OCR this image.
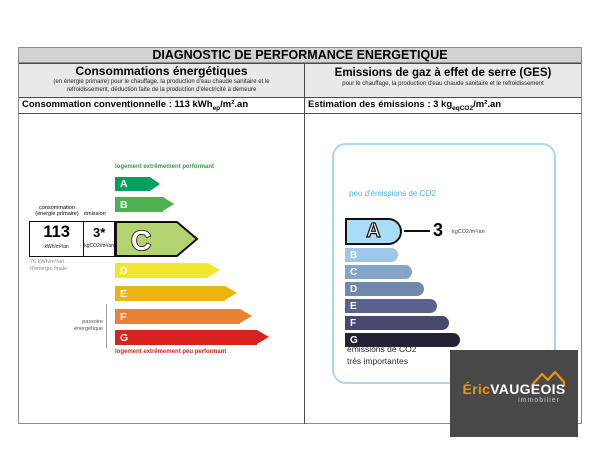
DIAGNOSTIC DE PERFORMANCE ENERGETIQUE
Consommations énergétiques
(en énergie primaire) pour le chauffage, la production d'eau chaude sanitaire et le
refroidissement, déduction faite de la production d'électricité à demeure
Emissions de gaz à effet de serre (GES)
pour le chauffage, la production d'eau chaude sanitaire et le refroidissement
Consommation conventionnelle : 113 kWh$_{ep}$/m².an	Estimation des émissions : 3 $kg_{eqCO2}/m^2.an$
logement extrêmement performant
A
B
D
E
F
G
C
consommation
(énergie primaire) émission
113
kWh/m²/an
3*
kgCO2/m²/an
76 kWh/m²/an
d'énergie finale
passoire
énergétique
logement extrêmement peu performant
peu d'émissions de CO2
A	3 kgCO2/m²/an
B
C
D
E
F
G
émissions de CO2
très importantes
ÉricVAUGEOIS
immobilier
